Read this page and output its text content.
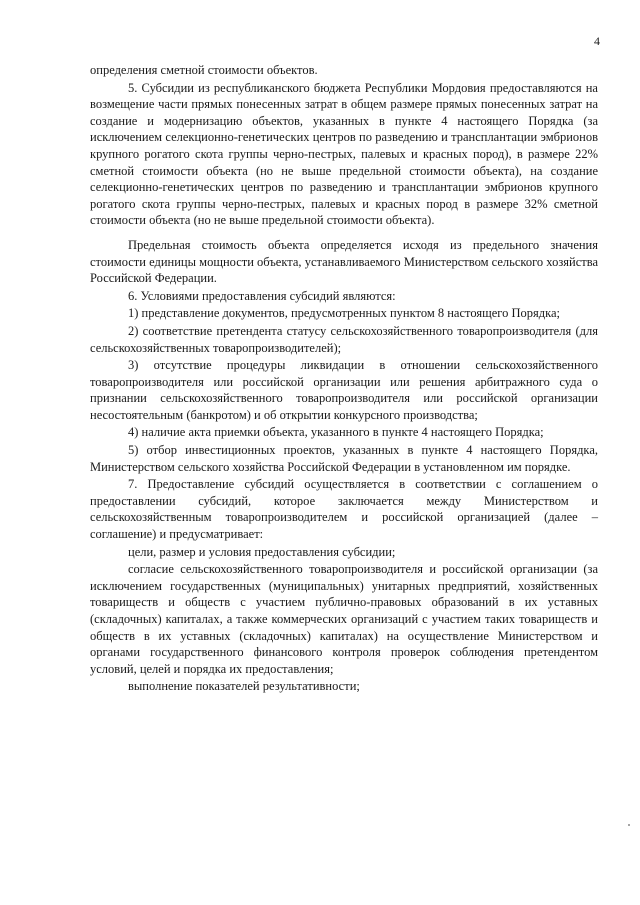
4

определения сметной стоимости объектов.

5. Субсидии из республиканского бюджета Республики Мордовия предоставляются на возмещение части прямых понесенных затрат в общем размере прямых понесенных затрат на создание и модернизацию объектов, указанных в пункте 4 настоящего Порядка (за исключением селекционно-генетических центров по разведению и трансплантации эмбрионов крупного рогатого скота группы черно-пестрых, палевых и красных пород), в размере 22% сметной стоимости объекта (но не выше предельной стоимости объекта), на создание селекционно-генетических центров по разведению и трансплантации эмбрионов крупного рогатого скота группы черно-пестрых, палевых и красных пород в размере 32% сметной стоимости объекта (но не выше предельной стоимости объекта).

Предельная стоимость объекта определяется исходя из предельного значения стоимости единицы мощности объекта, устанавливаемого Министерством сельского хозяйства Российской Федерации.

6. Условиями предоставления субсидий являются:

1) представление документов, предусмотренных пунктом 8 настоящего Порядка;

2) соответствие претендента статусу сельскохозяйственного товаропроизводителя (для сельскохозяйственных товаропроизводителей);

3) отсутствие процедуры ликвидации в отношении сельскохозяйственного товаропроизводителя или российской организации или решения арбитражного суда о признании сельскохозяйственного товаропроизводителя или российской организации несостоятельным (банкротом) и об открытии конкурсного производства;

4) наличие акта приемки объекта, указанного в пункте 4 настоящего Порядка;

5) отбор инвестиционных проектов, указанных в пункте 4 настоящего Порядка, Министерством сельского хозяйства Российской Федерации в установленном им порядке.

7. Предоставление субсидий осуществляется в соответствии с соглашением о предоставлении субсидий, которое заключается между Министерством и сельскохозяйственным товаропроизводителем и российской организацией (далее – соглашение) и предусматривает:

цели, размер и условия предоставления субсидии;

согласие сельскохозяйственного товаропроизводителя и российской организации (за исключением государственных (муниципальных) унитарных предприятий, хозяйственных товариществ и обществ с участием публично-правовых образований в их уставных (складочных) капиталах, а также коммерческих организаций с участием таких товариществ и обществ в их уставных (складочных) капиталах) на осуществление Министерством и органами государственного финансового контроля проверок соблюдения претендентом условий, целей и порядка их предоставления;

выполнение показателей результативности;
